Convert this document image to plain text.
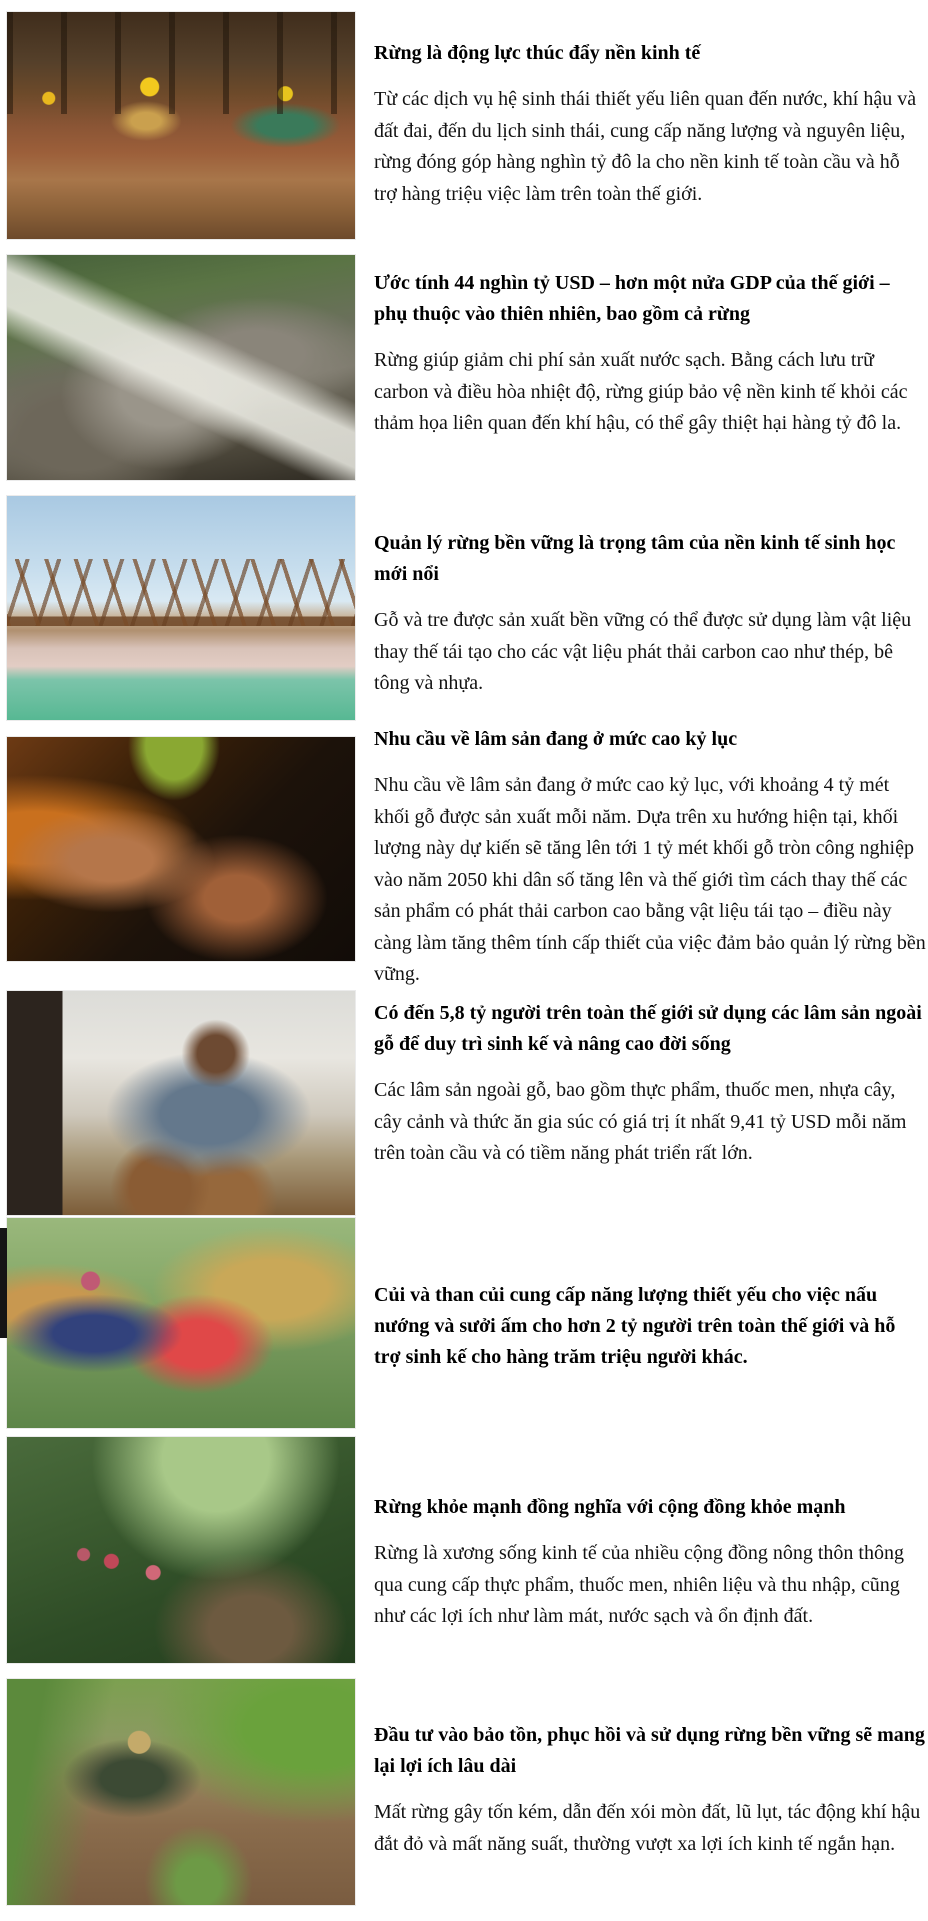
Rừng là động lực thúc đẩy nền kinh tế

Từ các dịch vụ hệ sinh thái thiết yếu liên quan đến nước, khí hậu và đất đai, đến du lịch sinh thái, cung cấp năng lượng và nguyên liệu, rừng đóng góp hàng nghìn tỷ đô la cho nền kinh tế toàn cầu và hỗ trợ hàng triệu việc làm trên toàn thế giới.

Ước tính 44 nghìn tỷ USD – hơn một nửa GDP của thế giới – phụ thuộc vào thiên nhiên, bao gồm cả rừng

Rừng giúp giảm chi phí sản xuất nước sạch. Bằng cách lưu trữ carbon và điều hòa nhiệt độ, rừng giúp bảo vệ nền kinh tế khỏi các thảm họa liên quan đến khí hậu, có thể gây thiệt hại hàng tỷ đô la.

Quản lý rừng bền vững là trọng tâm của nền kinh tế sinh học mới nổi

Gỗ và tre được sản xuất bền vững có thể được sử dụng làm vật liệu thay thế tái tạo cho các vật liệu phát thải carbon cao như thép, bê tông và nhựa.

Nhu cầu về lâm sản đang ở mức cao kỷ lục

Nhu cầu về lâm sản đang ở mức cao kỷ lục, với khoảng 4 tỷ mét khối gỗ được sản xuất mỗi năm. Dựa trên xu hướng hiện tại, khối lượng này dự kiến sẽ tăng lên tới 1 tỷ mét khối gỗ tròn công nghiệp vào năm 2050 khi dân số tăng lên và thế giới tìm cách thay thế các sản phẩm có phát thải carbon cao bằng vật liệu tái tạo – điều này càng làm tăng thêm tính cấp thiết của việc đảm bảo quản lý rừng bền vững.

Có đến 5,8 tỷ người trên toàn thế giới sử dụng các lâm sản ngoài gỗ để duy trì sinh kế và nâng cao đời sống

Các lâm sản ngoài gỗ, bao gồm thực phẩm, thuốc men, nhựa cây, cây cảnh và thức ăn gia súc có giá trị ít nhất 9,41 tỷ USD mỗi năm trên toàn cầu và có tiềm năng phát triển rất lớn.

Củi và than củi cung cấp năng lượng thiết yếu cho việc nấu nướng và sưởi ấm cho hơn 2 tỷ người trên toàn thế giới và hỗ trợ sinh kế cho hàng trăm triệu người khác.
Rừng khỏe mạnh đồng nghĩa với cộng đồng khỏe mạnh

Rừng là xương sống kinh tế của nhiều cộng đồng nông thôn thông qua cung cấp thực phẩm, thuốc men, nhiên liệu và thu nhập, cũng như các lợi ích như làm mát, nước sạch và ổn định đất.

Đầu tư vào bảo tồn, phục hồi và sử dụng rừng bền vững sẽ mang lại lợi ích lâu dài

Mất rừng gây tốn kém, dẫn đến xói mòn đất, lũ lụt, tác động khí hậu đắt đỏ và mất năng suất, thường vượt xa lợi ích kinh tế ngắn hạn.
